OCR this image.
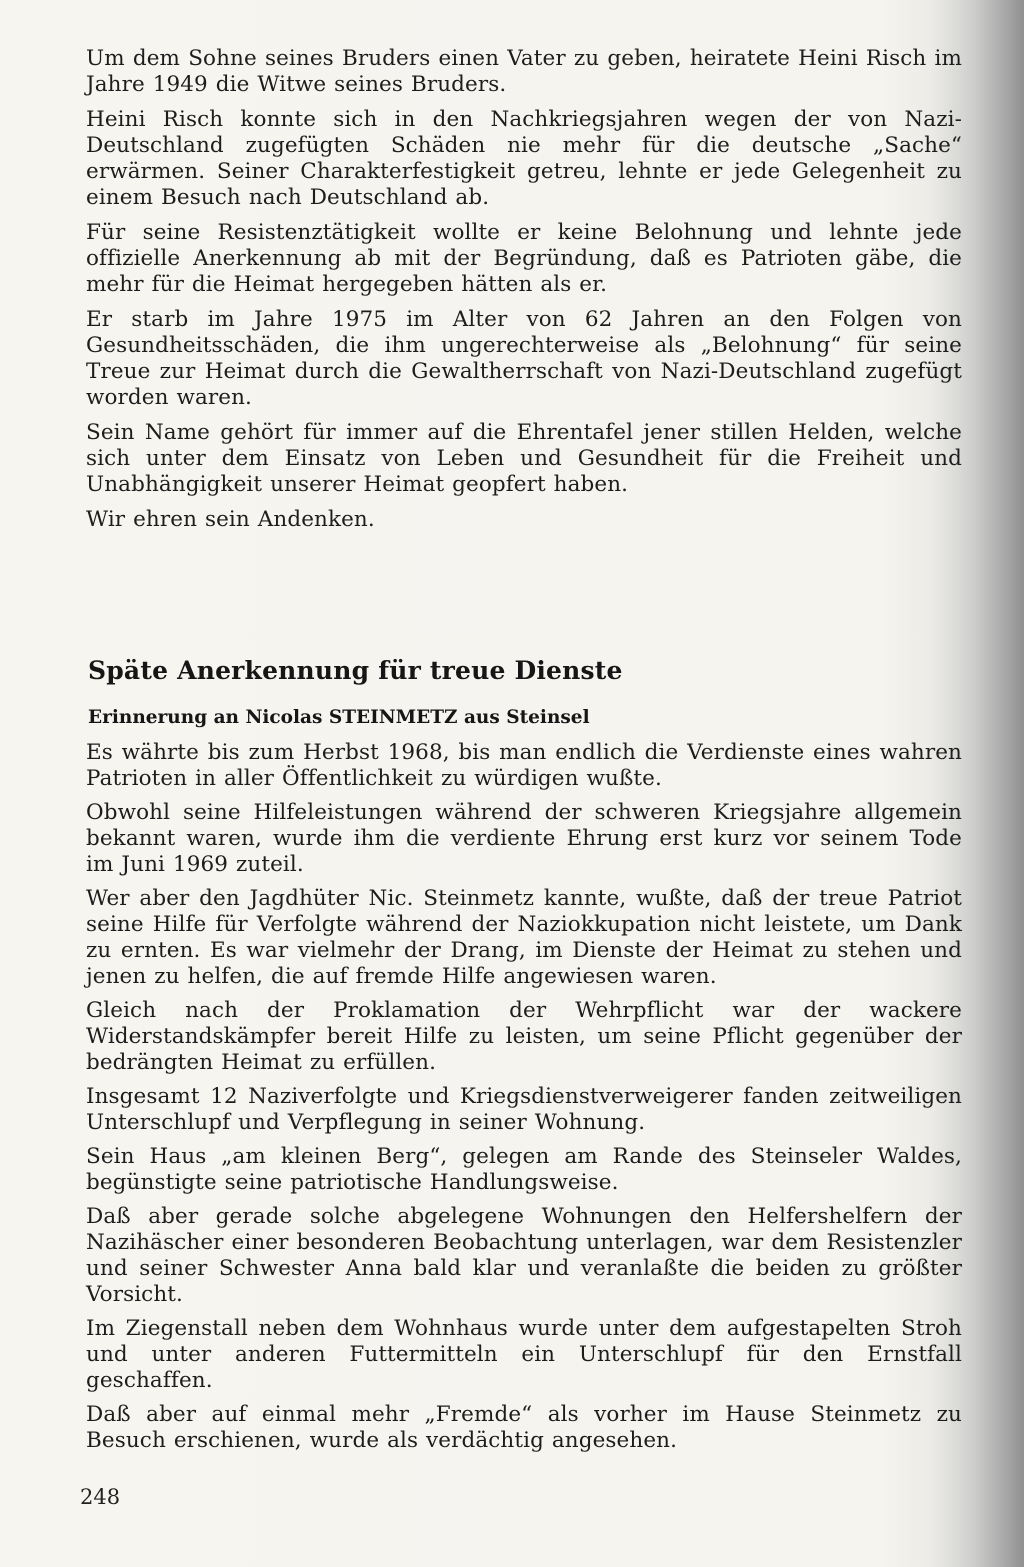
Um dem Sohne seines Bruders einen Vater zu geben, heiratete Heini Risch im Jahre 1949 die Witwe seines Bruders.

Heini Risch konnte sich in den Nachkriegsjahren wegen der von Nazi-Deutschland zugefügten Schäden nie mehr für die deutsche „Sache“ erwärmen. Seiner Charakterfestigkeit getreu, lehnte er jede Gelegenheit zu einem Besuch nach Deutschland ab.

Für seine Resistenztätigkeit wollte er keine Belohnung und lehnte jede offizielle Anerkennung ab mit der Begründung, daß es Patrioten gäbe, die mehr für die Heimat hergegeben hätten als er.

Er starb im Jahre 1975 im Alter von 62 Jahren an den Folgen von Gesundheitsschäden, die ihm ungerechterweise als „Belohnung“ für seine Treue zur Heimat durch die Gewaltherrschaft von Nazi-Deutschland zugefügt worden waren.

Sein Name gehört für immer auf die Ehrentafel jener stillen Helden, welche sich unter dem Einsatz von Leben und Gesundheit für die Freiheit und Unabhängigkeit unserer Heimat geopfert haben.

Wir ehren sein Andenken.

Späte Anerkennung für treue Dienste
Erinnerung an Nicolas STEINMETZ aus Steinsel

Es währte bis zum Herbst 1968, bis man endlich die Verdienste eines wahren Patrioten in aller Öffentlichkeit zu würdigen wußte.

Obwohl seine Hilfeleistungen während der schweren Kriegsjahre allgemein bekannt waren, wurde ihm die verdiente Ehrung erst kurz vor seinem Tode im Juni 1969 zuteil.

Wer aber den Jagdhüter Nic. Steinmetz kannte, wußte, daß der treue Patriot seine Hilfe für Verfolgte während der Naziokkupation nicht leistete, um Dank zu ernten. Es war vielmehr der Drang, im Dienste der Heimat zu stehen und jenen zu helfen, die auf fremde Hilfe angewiesen waren.

Gleich nach der Proklamation der Wehrpflicht war der wackere Widerstandskämpfer bereit Hilfe zu leisten, um seine Pflicht gegenüber der bedrängten Heimat zu erfüllen.

Insgesamt 12 Naziverfolgte und Kriegsdienstverweigerer fanden zeitweiligen Unterschlupf und Verpflegung in seiner Wohnung.

Sein Haus „am kleinen Berg“, gelegen am Rande des Steinseler Waldes, begünstigte seine patriotische Handlungsweise.

Daß aber gerade solche abgelegene Wohnungen den Helfershelfern der Nazihäscher einer besonderen Beobachtung unterlagen, war dem Resistenzler und seiner Schwester Anna bald klar und veranlaßte die beiden zu größter Vorsicht.

Im Ziegenstall neben dem Wohnhaus wurde unter dem aufgestapelten Stroh und unter anderen Futtermitteln ein Unterschlupf für den Ernstfall geschaffen.

Daß aber auf einmal mehr „Fremde“ als vorher im Hause Steinmetz zu Besuch erschienen, wurde als verdächtig angesehen.

248
